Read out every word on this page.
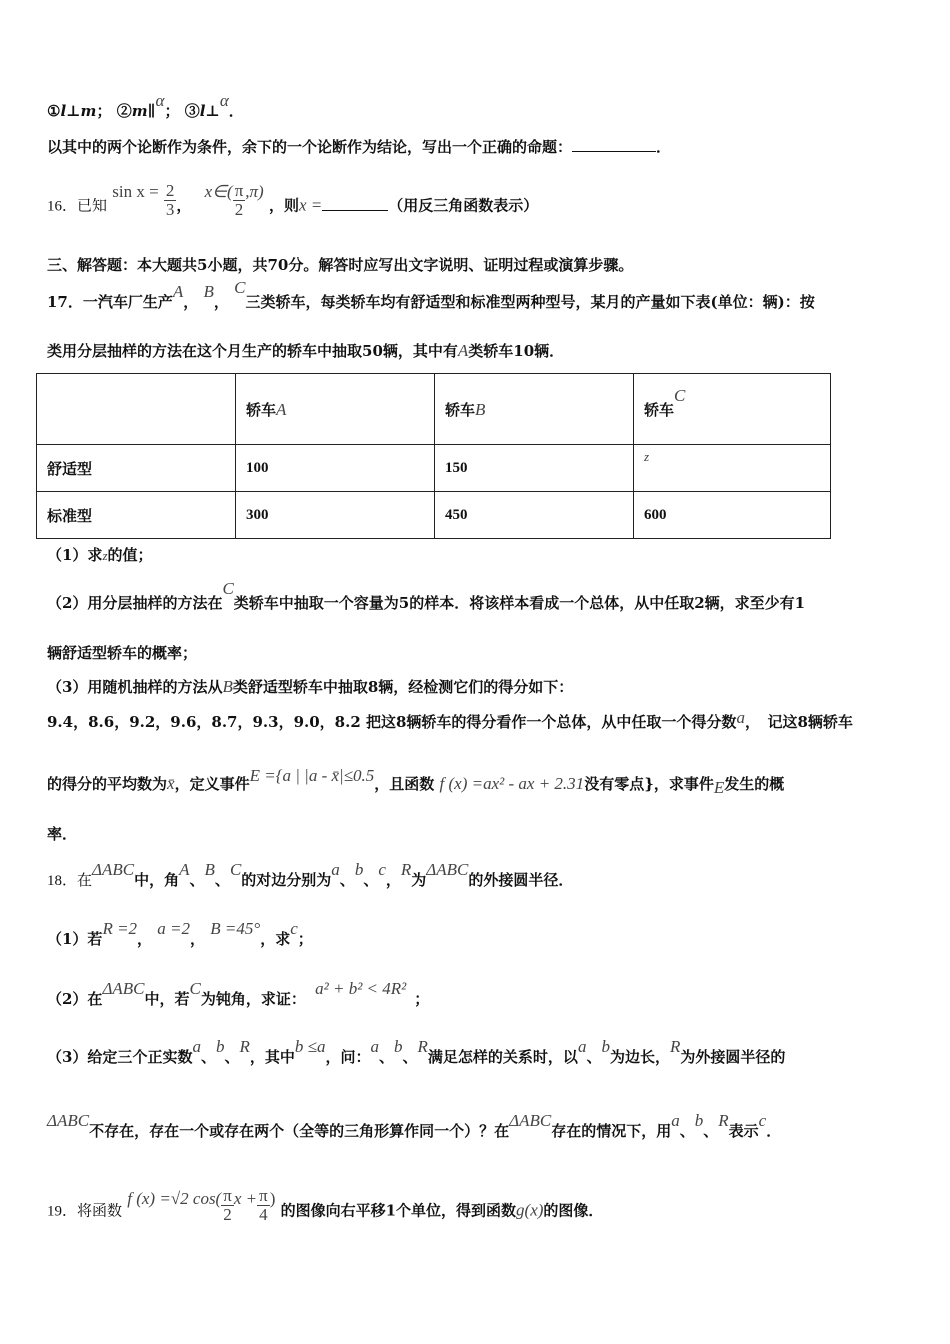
①l⊥m； ②m∥α； ③l⊥α．
以其中的两个论断作为条件，余下的一个论断作为结论，写出一个正确的命题：	．
16．已知 $\sin x = \frac{2}{3}$ ， x∈( $\frac{\pi}{2} ,\pi$) ，则x =	（用反三角函数表示）
三、解答题：本大题共5小题，共70分。解答时应写出文字说明、证明过程或演算步骤。
17．一汽车厂生产A， B， C三类轿车，每类轿车均有舒适型和标准型两种型号，某月的产量如下表(单位：辆)：按
类用分层抽样的方法在这个月生产的轿车中抽取50辆，其中有A类轿车10辆．
	轿车A	轿车B	轿车C
舒适型	100	150	z
标准型	300	450	600
（1）求z的值；
（2）用分层抽样的方法在C类轿车中抽取一个容量为5的样本．将该样本看成一个总体，从中任取2辆，求至少有1
辆舒适型轿车的概率；
（3）用随机抽样的方法从B类舒适型轿车中抽取8辆，经检测它们的得分如下：
9.4，8.6，9.2，9.6，8.7，9.3，9.0，8.2 把这8辆轿车的得分看作一个总体，从中任取一个得分数a，　记这8辆轿车
的得分的平均数为x̄，定义事件E ={a | |a - x̄|≤0.5，且函数 f (x) =ax² - ax + 2.31没有零点}，求事件E发生的概
率．
18．在ΔABC中，角A、B、C的对边分别为a、b、c，R为ΔABC的外接圆半径．
（1）若R =2， a =2， B =45°，求c；
（2）在ΔABC中，若C为钝角，求证： a² + b² < 4R²；
（3）给定三个正实数a、b、R，其中b ≤a，问：a、b、R满足怎样的关系时，以a、b为边长，R为外接圆半径的
ΔABC不存在，存在一个或存在两个（全等的三角形算作同一个）？在ΔABC存在的情况下，用a、b、R表示c．
19．将函数 f (x) =√2 $\cos( \frac{\pi}{2}$ $x + \frac{\pi}{4}$ ) 的图像向右平移1个单位，得到函数g(x)的图像．
